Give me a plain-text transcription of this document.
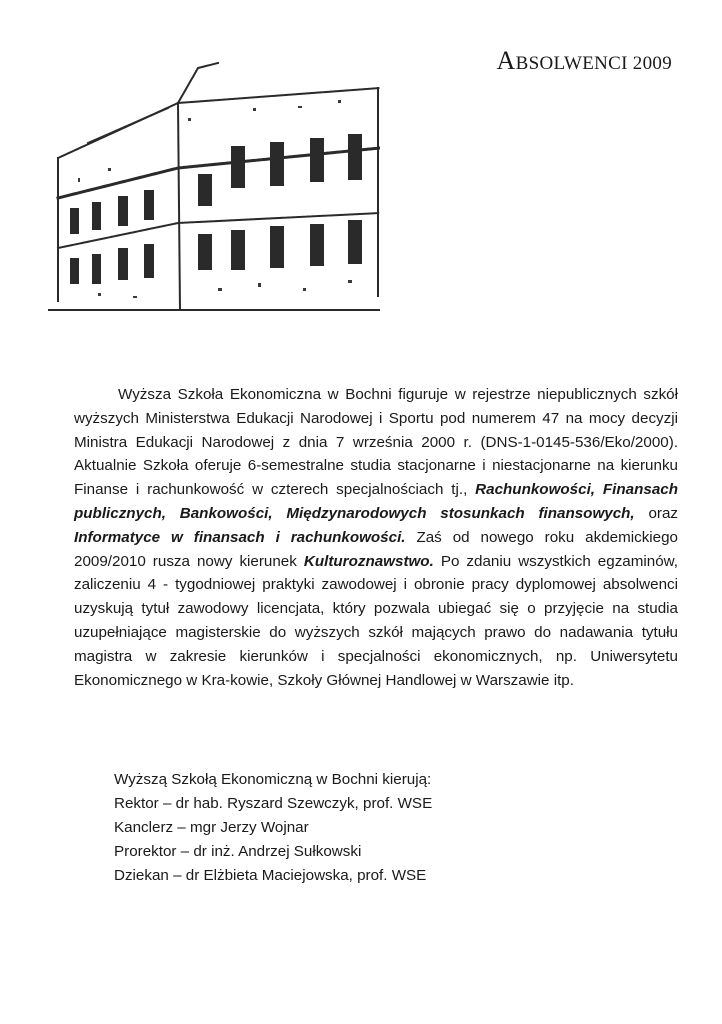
ABSOLWENCI 2009

Wyższa Szkoła Ekonomiczna w Bochni figuruje w rejestrze niepublicznych szkół wyższych Ministerstwa Edukacji Narodowej i Sportu pod numerem 47 na mocy decyzji Ministra Edukacji Narodowej z dnia 7 września 2000 r. (DNS-1-0145-536/Eko/2000). Aktualnie Szkoła oferuje 6-semestralne studia stacjonarne i niestacjonarne na kierunku Finanse i rachunkowość w czterech specjalnościach tj., Rachunkowości, Finansach publicznych, Bankowości, Międzynarodowych stosunkach finansowych, oraz Informatyce w finansach i rachunkowości. Zaś od nowego roku akdemickiego 2009/2010 rusza nowy kierunek Kulturoznawstwo. Po zdaniu wszystkich egzaminów, zaliczeniu 4 - tygodniowej praktyki zawodowej i obronie pracy dyplomowej absolwenci uzyskują tytuł zawodowy licencjata, który pozwala ubiegać się o przyjęcie na studia uzupełniające magisterskie do wyższych szkół mających prawo do nadawania tytułu magistra w zakresie kierunków i specjalności ekonomicznych, np. Uniwersytetu Ekonomicznego w Kra-kowie, Szkoły Głównej Handlowej w Warszawie itp.

Wyższą Szkołą Ekonomiczną w Bochni kierują:
Rektor – dr hab. Ryszard Szewczyk, prof. WSE
Kanclerz – mgr Jerzy Wojnar
Prorektor – dr inż. Andrzej Sułkowski
Dziekan – dr Elżbieta Maciejowska, prof. WSE
